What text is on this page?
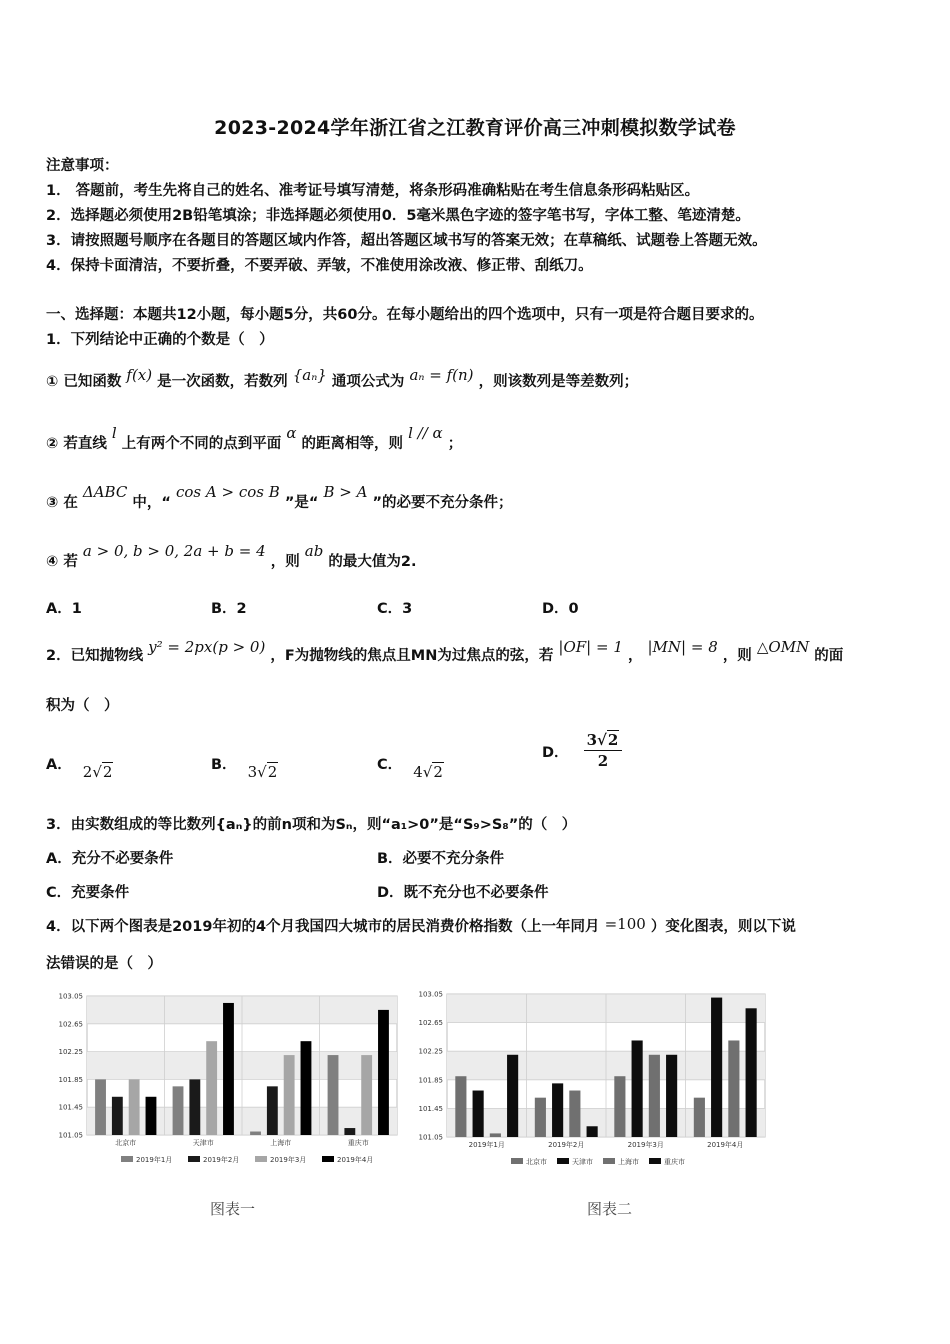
2023-2024学年浙江省之江教育评价高三冲刺模拟数学试卷
注意事项：
1． 答题前，考生先将自己的姓名、准考证号填写清楚，将条形码准确粘贴在考生信息条形码粘贴区。
2．选择题必须使用2B铅笔填涂；非选择题必须使用0．5毫米黑色字迹的签字笔书写，字体工整、笔迹清楚。
3．请按照题号顺序在各题目的答题区域内作答，超出答题区域书写的答案无效；在草稿纸、试题卷上答题无效。
4．保持卡面清洁，不要折叠，不要弄破、弄皱，不准使用涂改液、修正带、刮纸刀。
一、选择题：本题共12小题，每小题5分，共60分。在每小题给出的四个选项中，只有一项是符合题目要求的。
1．下列结论中正确的个数是（　）
① 已知函数 f(x) 是一次函数，若数列 {aₙ} 通项公式为 aₙ = f(n) ，则该数列是等差数列；
② 若直线 l 上有两个不同的点到平面 α 的距离相等，则 l // α ；
③ 在 ΔABC 中，“ cos A > cos B ”是“ B > A ”的必要不充分条件；
④ 若 a > 0, b > 0, 2a + b = 4 ，则 ab 的最大值为2.
A．1	B．2	C．3	D．0
2．已知抛物线 y² = 2px(p > 0) ，F为抛物线的焦点且MN为过焦点的弦，若 |OF| = 1 ， |MN| = 8 ，则 △OMN 的面
积为（　）
A． 2√2	B． 3√2	C． 4√2
D． $\frac{3√2}{2}$
3．由实数组成的等比数列{aₙ}的前n项和为Sₙ，则“a₁>0”是“S₉>S₈”的（　）
A．充分不必要条件	B．必要不充分条件
C．充要条件	D．既不充分也不必要条件
4．以下两个图表是2019年初的4个月我国四大城市的居民消费价格指数（上一年同月 =100 ）变化图表，则以下说
法错误的是（　）
103.05
102.65
102.25
101.85
101.45
101.05
北京市	天津市	上海市	重庆市
2019年1月	2019年2月	2019年3月	2019年4月
图表一
103.05
102.65
102.25
101.85
101.45
101.05
2019年1月	2019年2月	2019年3月	2019年4月
北京市	天津市	上海市	重庆市
图表二
